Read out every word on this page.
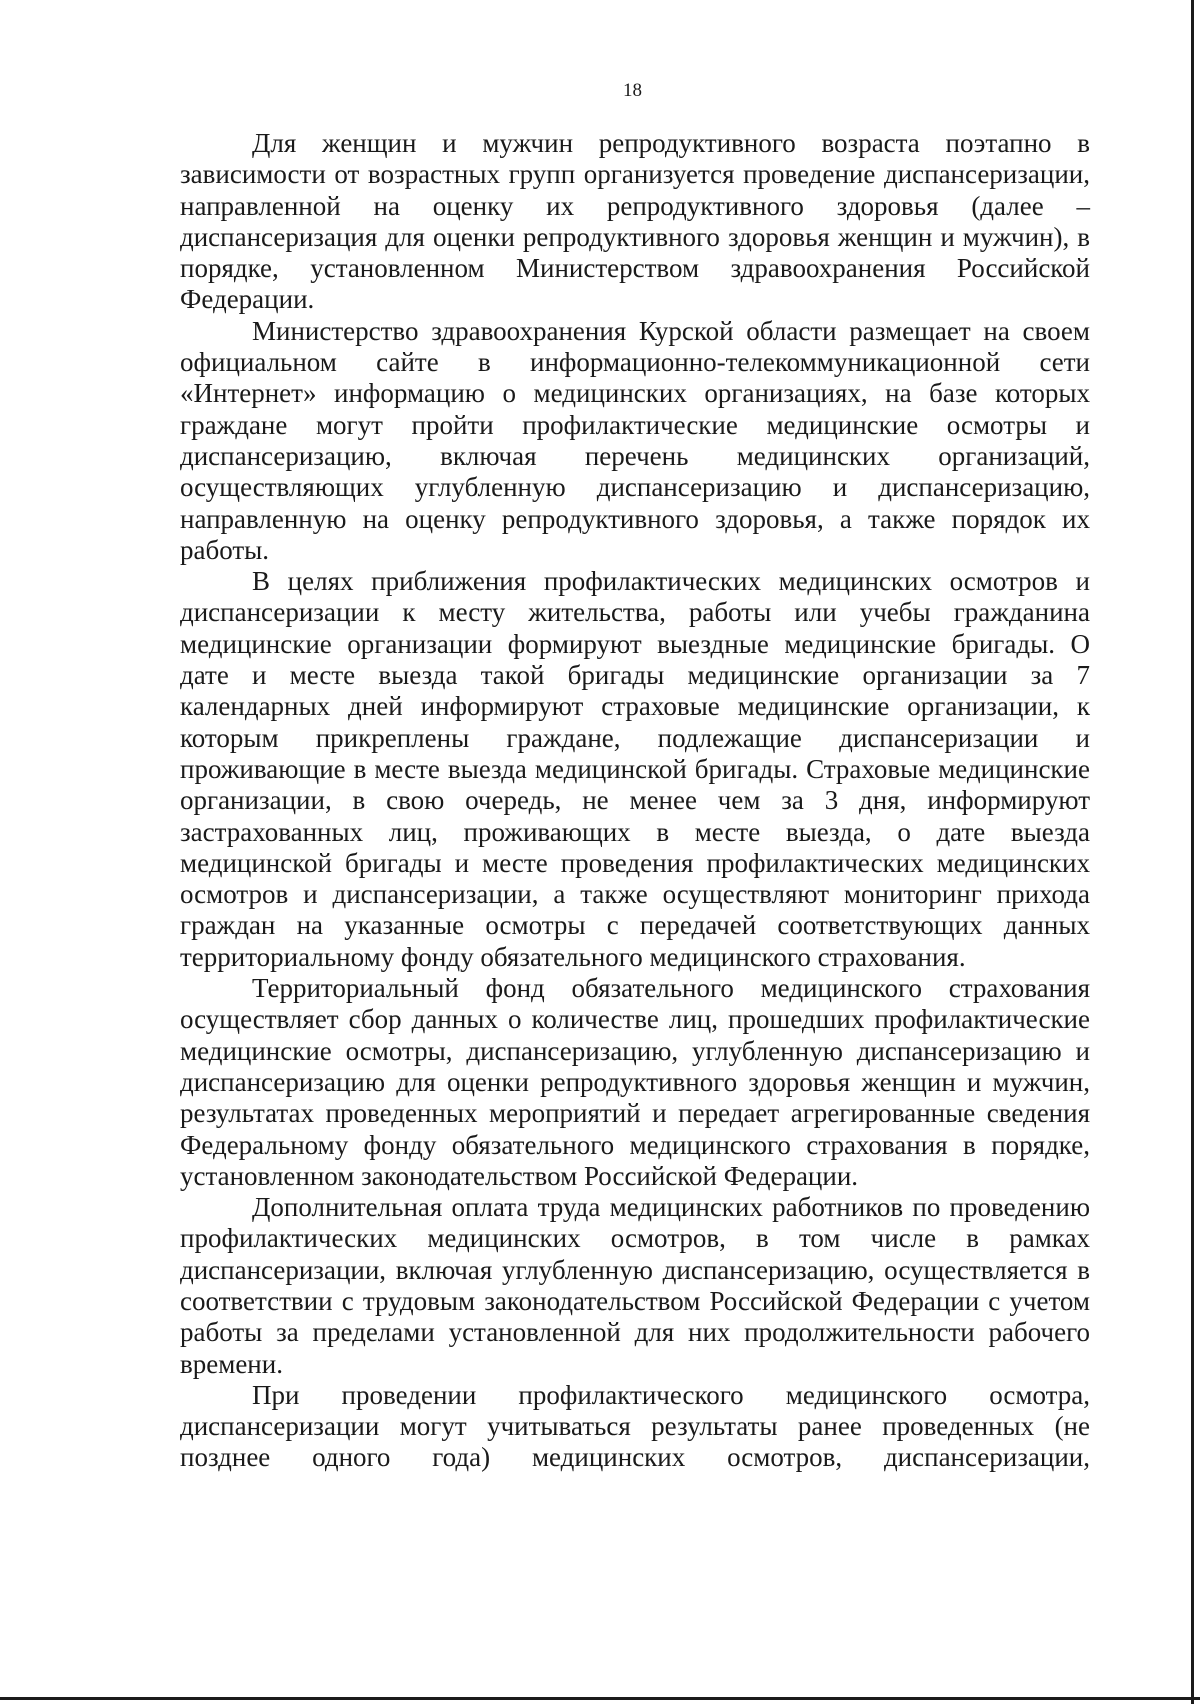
18

Для женщин и мужчин репродуктивного возраста поэтапно в зависимости от возрастных групп организуется проведение диспансеризации, направленной на оценку их репродуктивного здоровья (далее – диспансеризация для оценки репродуктивного здоровья женщин и мужчин), в порядке, установленном Министерством здравоохранения Российской Федерации.

Министерство здравоохранения Курской области размещает на своем официальном сайте в информационно-телекоммуникационной сети «Интернет» информацию о медицинских организациях, на базе которых граждане могут пройти профилактические медицинские осмотры и диспансеризацию, включая перечень медицинских организаций, осуществляющих углубленную диспансеризацию и диспансеризацию, направленную на оценку репродуктивного здоровья, а также порядок их работы.

В целях приближения профилактических медицинских осмотров и диспансеризации к месту жительства, работы или учебы гражданина медицинские организации формируют выездные медицинские бригады. О дате и месте выезда такой бригады медицинские организации за 7 календарных дней информируют страховые медицинские организации, к которым прикреплены граждане, подлежащие диспансеризации и проживающие в месте выезда медицинской бригады. Страховые медицинские организации, в свою очередь, не менее чем за 3 дня, информируют застрахованных лиц, проживающих в месте выезда, о дате выезда медицинской бригады и месте проведения профилактических медицинских осмотров и диспансеризации, а также осуществляют мониторинг прихода граждан на указанные осмотры с передачей соответствующих данных территориальному фонду обязательного медицинского страхования.

Территориальный фонд обязательного медицинского страхования осуществляет сбор данных о количестве лиц, прошедших профилактические медицинские осмотры, диспансеризацию, углубленную диспансеризацию и диспансеризацию для оценки репродуктивного здоровья женщин и мужчин, результатах проведенных мероприятий и передает агрегированные сведения Федеральному фонду обязательного медицинского страхования в порядке, установленном законодательством Российской Федерации.

Дополнительная оплата труда медицинских работников по проведению профилактических медицинских осмотров, в том числе в рамках диспансеризации, включая углубленную диспансеризацию, осуществляется в соответствии с трудовым законодательством Российской Федерации с учетом работы за пределами установленной для них продолжительности рабочего времени.

При проведении профилактического медицинского осмотра, диспансеризации могут учитываться результаты ранее проведенных (не позднее одного года) медицинских осмотров, диспансеризации,
